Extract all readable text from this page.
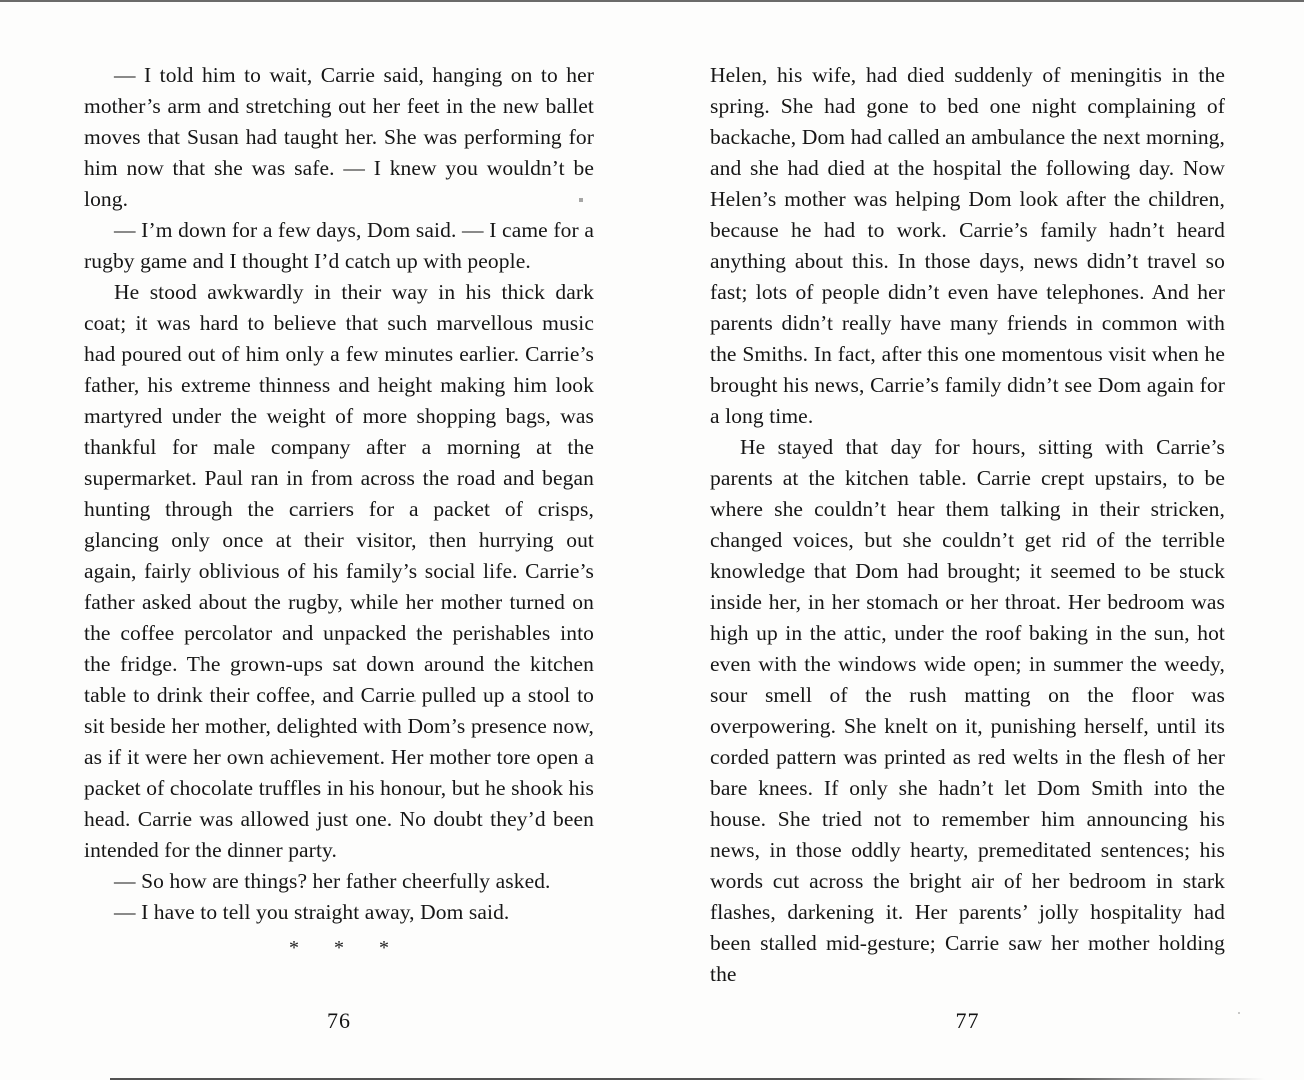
— I told him to wait, Carrie said, hanging on to her mother’s arm and stretching out her feet in the new ballet moves that Susan had taught her. She was performing for him now that she was safe. — I knew you wouldn’t be long.

— I’m down for a few days, Dom said. — I came for a rugby game and I thought I’d catch up with people.

He stood awkwardly in their way in his thick dark coat; it was hard to believe that such marvellous music had poured out of him only a few minutes earlier. Carrie’s father, his extreme thinness and height making him look martyred under the weight of more shopping bags, was thankful for male company after a morning at the supermarket. Paul ran in from across the road and began hunting through the carriers for a packet of crisps, glancing only once at their visitor, then hurrying out again, fairly oblivious of his family’s social life. Carrie’s father asked about the rugby, while her mother turned on the coffee percolator and unpacked the perishables into the fridge. The grown-ups sat down around the kitchen table to drink their coffee, and Carrie pulled up a stool to sit beside her mother, delighted with Dom’s presence now, as if it were her own achievement. Her mother tore open a packet of chocolate truffles in his honour, but he shook his head. Carrie was allowed just one. No doubt they’d been intended for the dinner party.

— So how are things? her father cheerfully asked.

— I have to tell you straight away, Dom said.

* * *
76

Helen, his wife, had died suddenly of meningitis in the spring. She had gone to bed one night complaining of backache, Dom had called an ambulance the next morning, and she had died at the hospital the following day. Now Helen’s mother was helping Dom look after the children, because he had to work. Carrie’s family hadn’t heard anything about this. In those days, news didn’t travel so fast; lots of people didn’t even have telephones. And her parents didn’t really have many friends in common with the Smiths. In fact, after this one momentous visit when he brought his news, Carrie’s family didn’t see Dom again for a long time.

He stayed that day for hours, sitting with Carrie’s parents at the kitchen table. Carrie crept upstairs, to be where she couldn’t hear them talking in their stricken, changed voices, but she couldn’t get rid of the terrible knowledge that Dom had brought; it seemed to be stuck inside her, in her stomach or her throat. Her bedroom was high up in the attic, under the roof baking in the sun, hot even with the windows wide open; in summer the weedy, sour smell of the rush matting on the floor was overpowering. She knelt on it, punishing herself, until its corded pattern was printed as red welts in the flesh of her bare knees. If only she hadn’t let Dom Smith into the house. She tried not to remember him announcing his news, in those oddly hearty, premeditated sentences; his words cut across the bright air of her bedroom in stark flashes, darkening it. Her parents’ jolly hospitality had been stalled mid-gesture; Carrie saw her mother holding the

77
